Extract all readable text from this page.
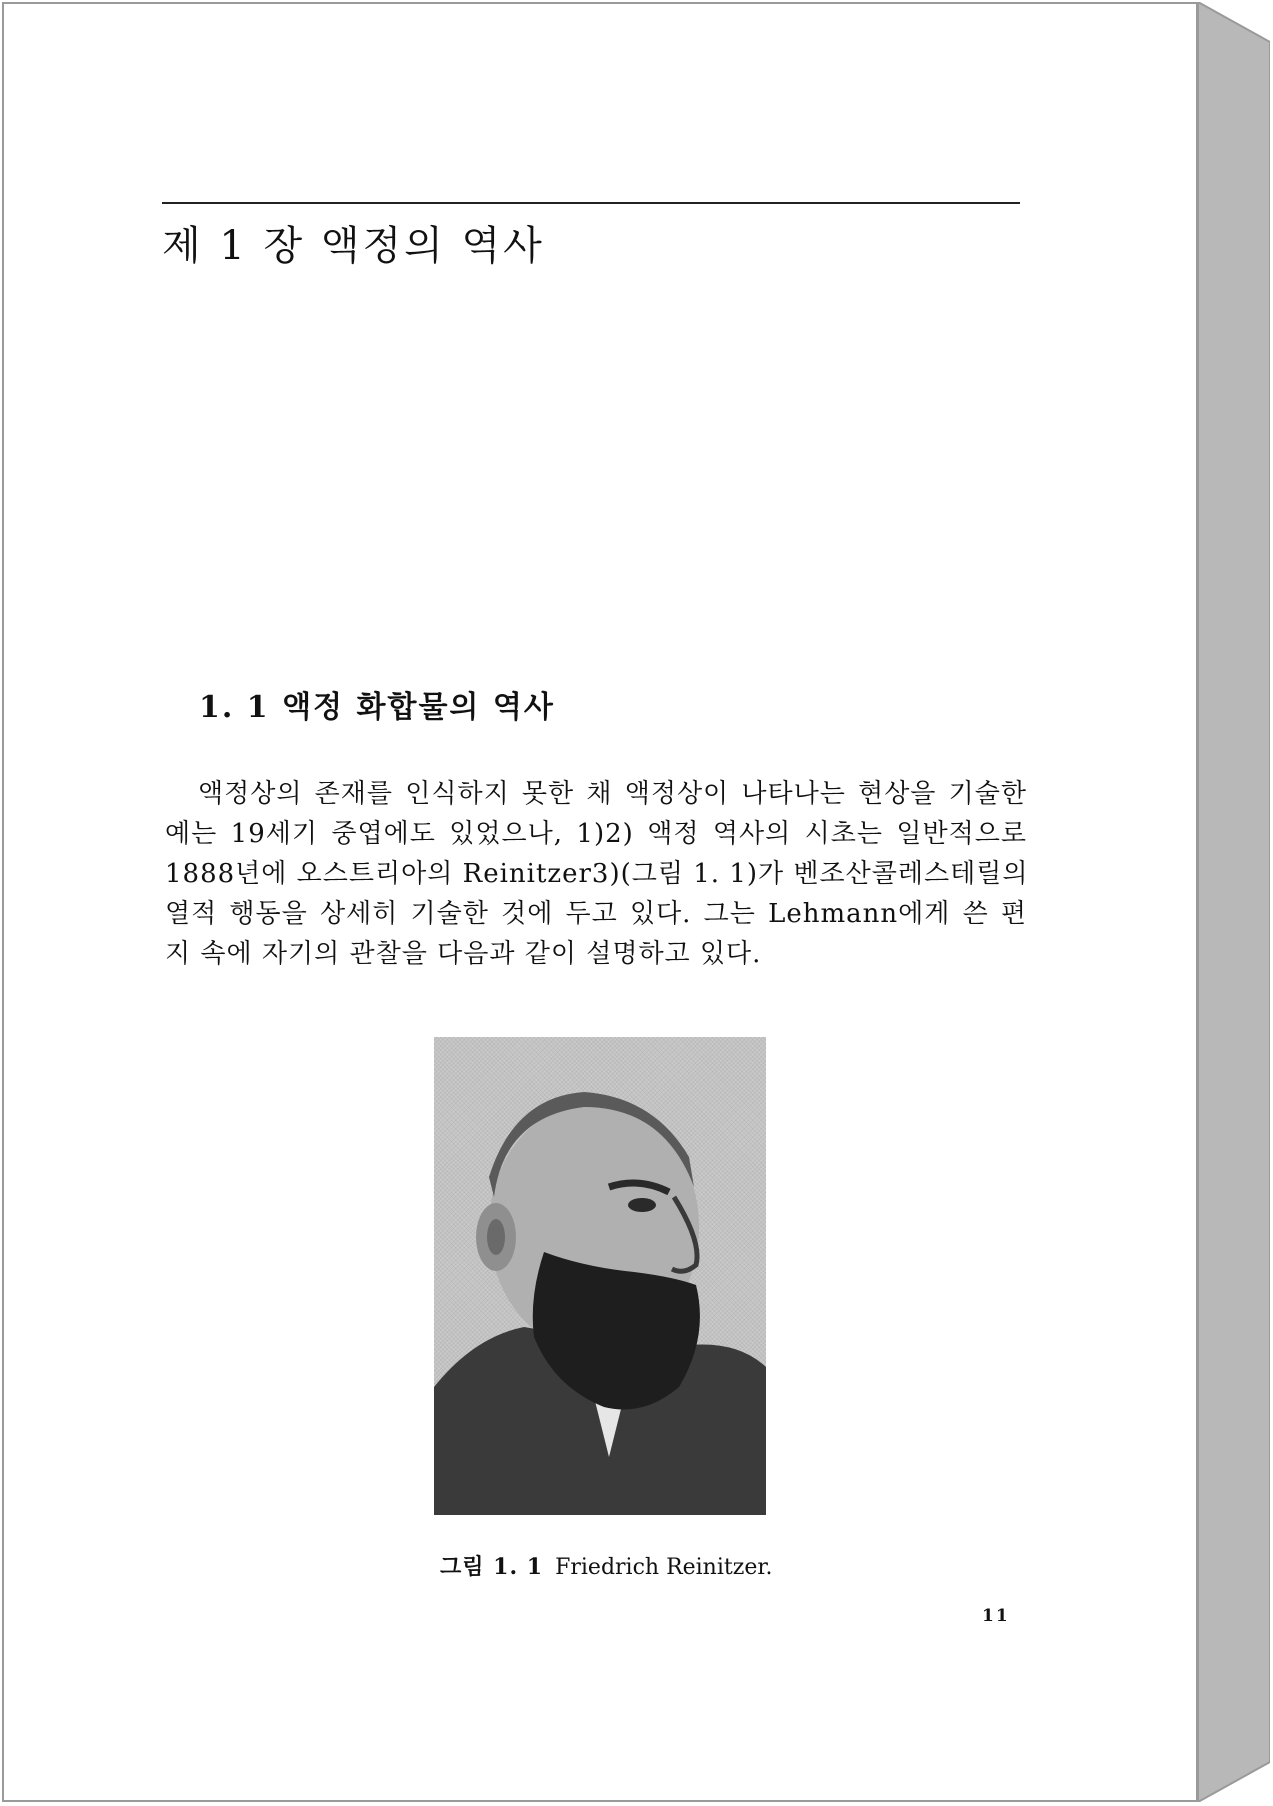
제 1 장 액정의 역사
1. 1 액정 화합물의 역사
액정상의 존재를 인식하지 못한 채 액정상이 나타나는 현상을 기술한
예는 19세기 중엽에도 있었으나, 1)2) 액정 역사의 시초는 일반적으로
1888년에 오스트리아의 Reinitzer3)(그림 1. 1)가 벤조산콜레스테릴의
열적 행동을 상세히 기술한 것에 두고 있다. 그는 Lehmann에게 쓴 편
지 속에 자기의 관찰을 다음과 같이 설명하고 있다.
그림 1. 1 Friedrich Reinitzer.
11
